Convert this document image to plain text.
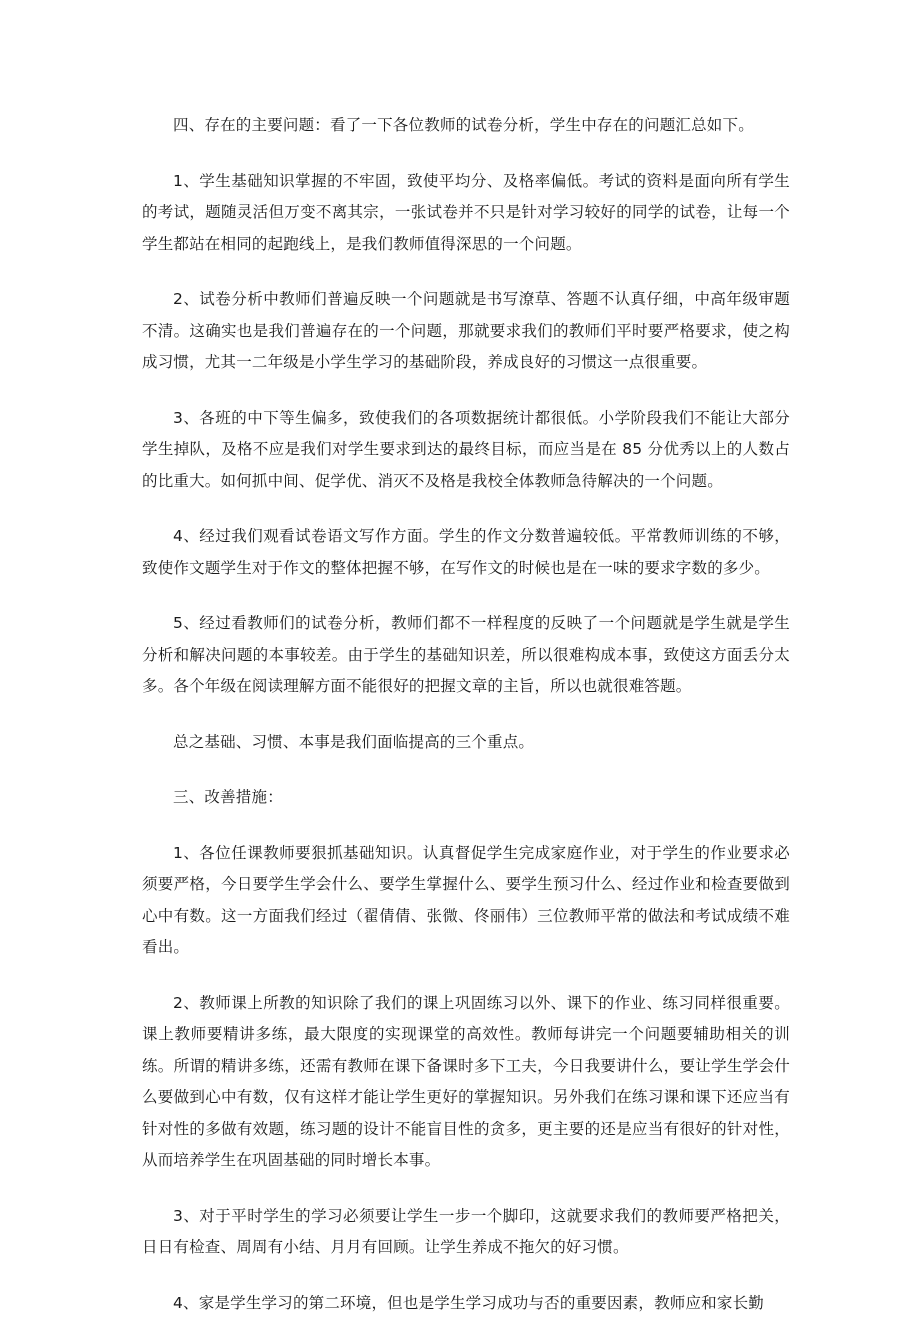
四、存在的主要问题：看了一下各位教师的试卷分析，学生中存在的问题汇总如下。

1、学生基础知识掌握的不牢固，致使平均分、及格率偏低。考试的资料是面向所有学生的考试，题随灵活但万变不离其宗，一张试卷并不只是针对学习较好的同学的试卷，让每一个学生都站在相同的起跑线上，是我们教师值得深思的一个问题。

2、试卷分析中教师们普遍反映一个问题就是书写潦草、答题不认真仔细，中高年级审题不清。这确实也是我们普遍存在的一个问题，那就要求我们的教师们平时要严格要求，使之构成习惯，尤其一二年级是小学生学习的基础阶段，养成良好的习惯这一点很重要。

3、各班的中下等生偏多，致使我们的各项数据统计都很低。小学阶段我们不能让大部分学生掉队，及格不应是我们对学生要求到达的最终目标，而应当是在 85 分优秀以上的人数占的比重大。如何抓中间、促学优、消灭不及格是我校全体教师急待解决的一个问题。

4、经过我们观看试卷语文写作方面。学生的作文分数普遍较低。平常教师训练的不够，致使作文题学生对于作文的整体把握不够，在写作文的时候也是在一味的要求字数的多少。

5、经过看教师们的试卷分析，教师们都不一样程度的反映了一个问题就是学生就是学生分析和解决问题的本事较差。由于学生的基础知识差，所以很难构成本事，致使这方面丢分太多。各个年级在阅读理解方面不能很好的把握文章的主旨，所以也就很难答题。

总之基础、习惯、本事是我们面临提高的三个重点。

三、改善措施：

1、各位任课教师要狠抓基础知识。认真督促学生完成家庭作业，对于学生的作业要求必须要严格，今日要学生学会什么、要学生掌握什么、要学生预习什么、经过作业和检查要做到心中有数。这一方面我们经过（翟倩倩、张微、佟丽伟）三位教师平常的做法和考试成绩不难看出。

2、教师课上所教的知识除了我们的课上巩固练习以外、课下的作业、练习同样很重要。课上教师要精讲多练，最大限度的实现课堂的高效性。教师每讲完一个问题要辅助相关的训练。所谓的精讲多练，还需有教师在课下备课时多下工夫，今日我要讲什么，要让学生学会什么要做到心中有数，仅有这样才能让学生更好的掌握知识。另外我们在练习课和课下还应当有针对性的多做有效题，练习题的设计不能盲目性的贪多，更主要的还是应当有很好的针对性，从而培养学生在巩固基础的同时增长本事。

3、对于平时学生的学习必须要让学生一步一个脚印，这就要求我们的教师要严格把关，日日有检查、周周有小结、月月有回顾。让学生养成不拖欠的好习惯。

4、家是学生学习的第二环境，但也是学生学习成功与否的重要因素，教师应和家长勤
